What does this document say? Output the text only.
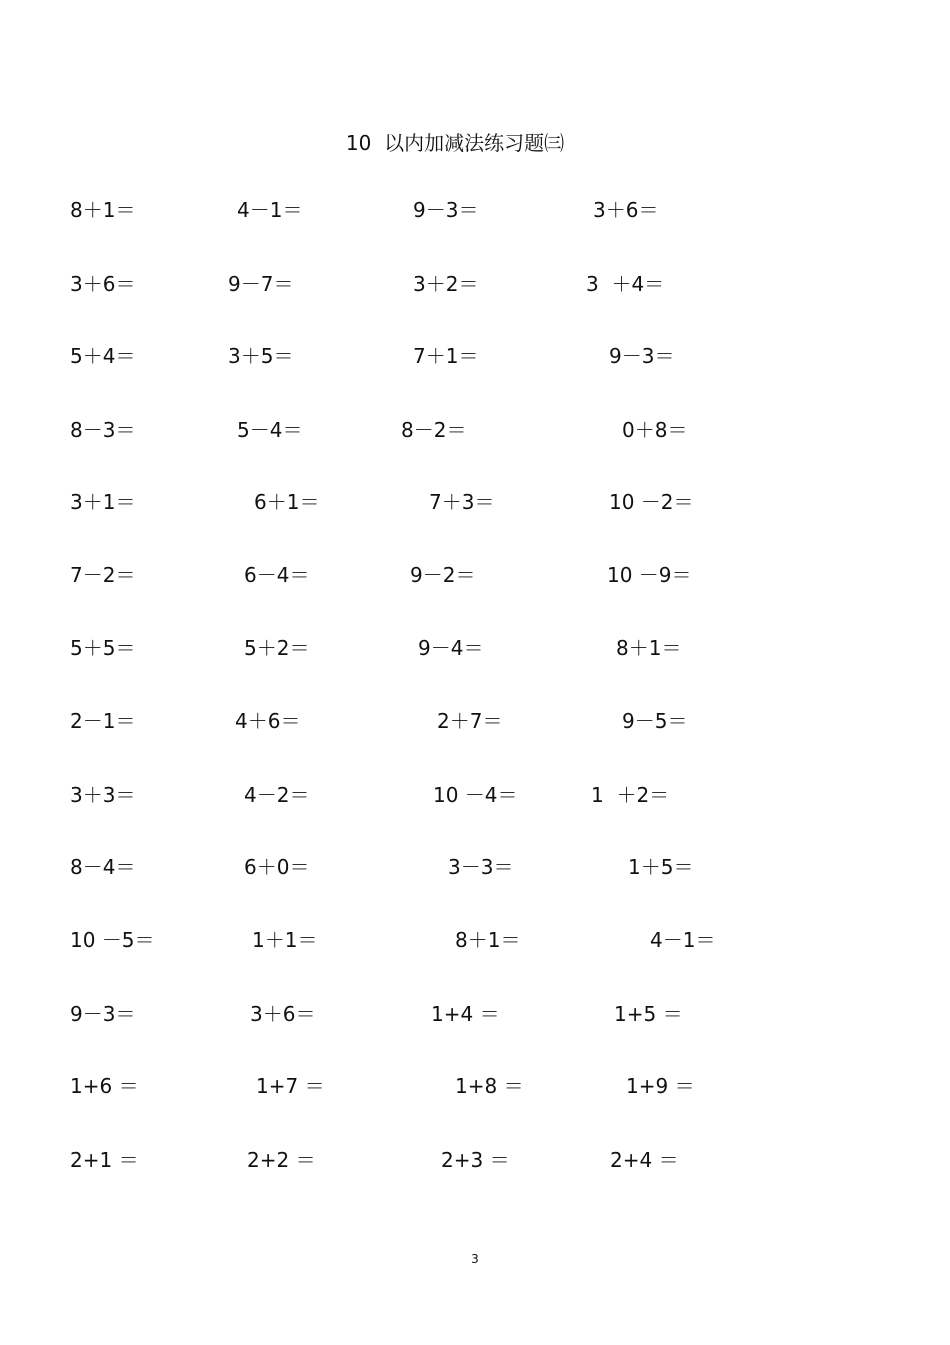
10  以内加减法练习题㈢
8＋1＝	4－1＝	9－3＝	3＋6＝
3＋6＝	9－7＝	3＋2＝	3  ＋4＝
5＋4＝	3＋5＝	7＋1＝	9－3＝
8－3＝	5－4＝	8－2＝	0＋8＝
3＋1＝	6＋1＝	7＋3＝	10 －2＝
7－2＝	6－4＝	9－2＝	10 －9＝
5＋5＝	5＋2＝	9－4＝	8＋1＝
2－1＝	4＋6＝	2＋7＝	9－5＝
3＋3＝	4－2＝	10 －4＝	1  ＋2＝
8－4＝	6＋0＝	3－3＝	1＋5＝
10 －5＝	1＋1＝	8＋1＝	4－1＝
9－3＝	3＋6＝	1+4 ＝	1+5 ＝
1+6 ＝	1+7 ＝	1+8 ＝	1+9 ＝
2+1 ＝	2+2 ＝	2+3 ＝	2+4 ＝
3
